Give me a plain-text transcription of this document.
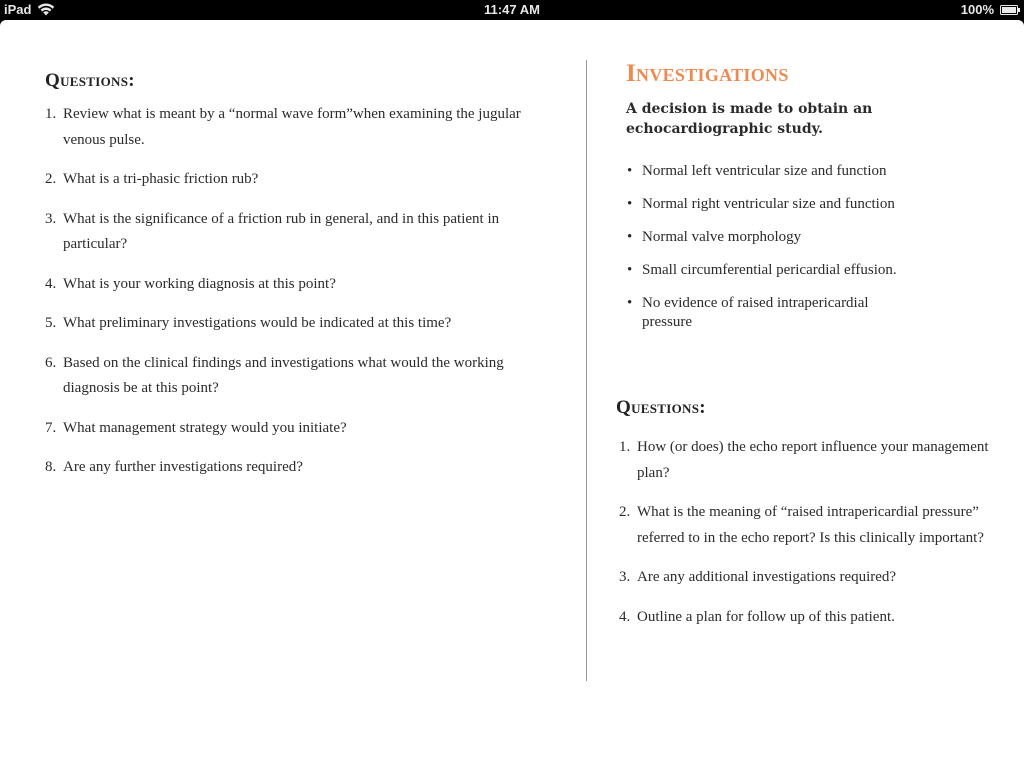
iPad	11:47 AM	100%
Questions:
1. Review what is meant by a “normal wave form”when examining the jugular venous pulse.
2. What is a tri-phasic friction rub?
3. What is the significance of a friction rub in general, and in this patient in particular?
4. What is your working diagnosis at this point?
5. What preliminary investigations would be indicated at this time?
6. Based on the clinical findings and investigations what would the working diagnosis be at this point?
7. What management strategy would you initiate?
8. Are any further investigations required?
Investigations
A decision is made to obtain an echocardiographic study.
• Normal left ventricular size and function
• Normal right ventricular size and function
• Normal valve morphology
• Small circumferential pericardial effusion.
• No evidence of raised intrapericardial pressure
Questions:
1. How (or does) the echo report influence your management plan?
2. What is the meaning of “raised intrapericardial pressure” referred to in the echo report? Is this clinically important?
3. Are any additional investigations required?
4. Outline a plan for follow up of this patient.
